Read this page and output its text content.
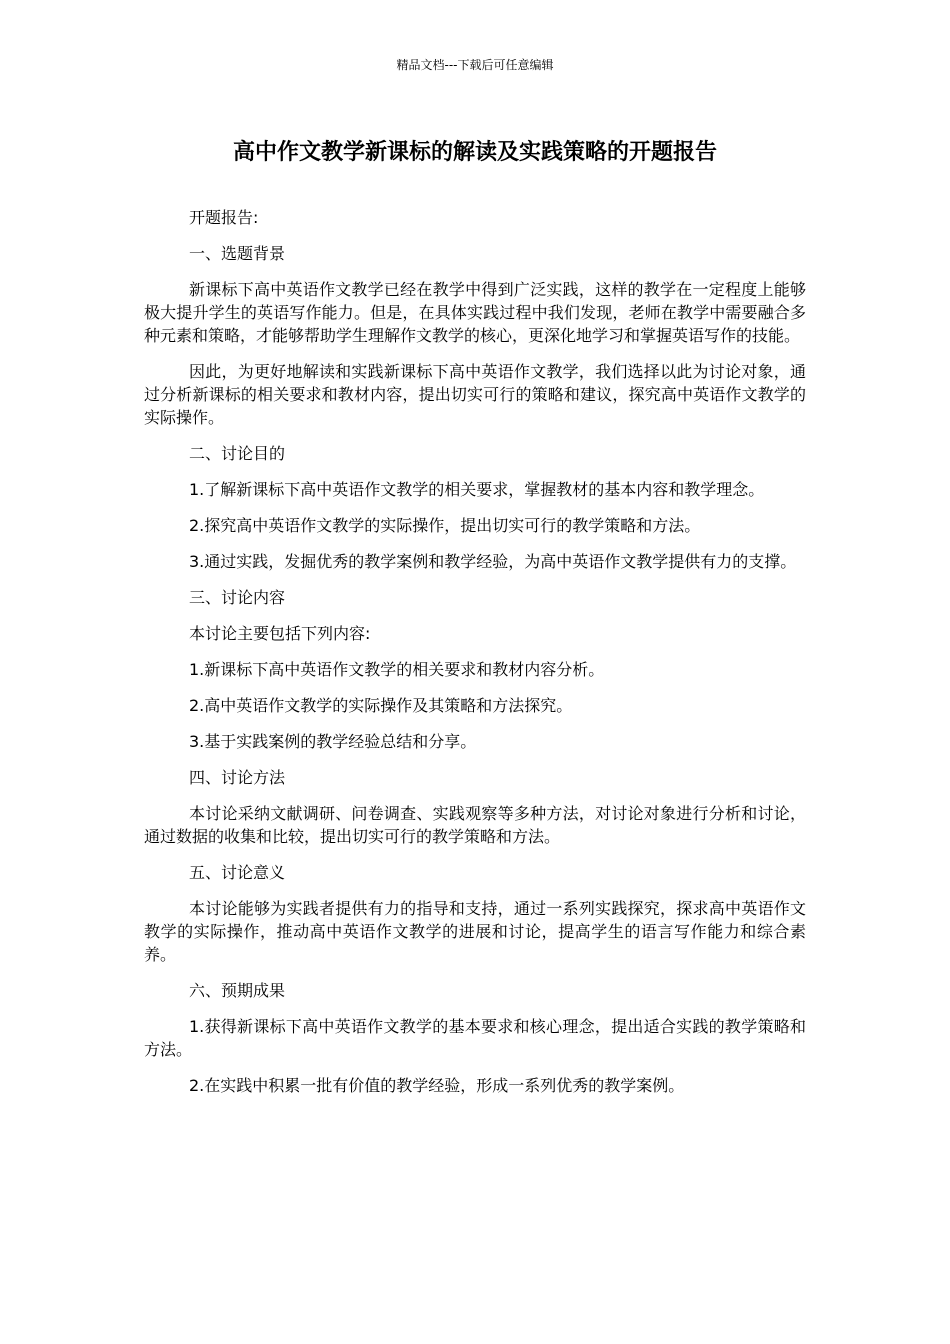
精品文档---下载后可任意编辑
高中作文教学新课标的解读及实践策略的开题报告

开题报告:

一、选题背景

新课标下高中英语作文教学已经在教学中得到广泛实践，这样的教学在一定程度上能够极大提升学生的英语写作能力。但是，在具体实践过程中我们发现，老师在教学中需要融合多种元素和策略，才能够帮助学生理解作文教学的核心，更深化地学习和掌握英语写作的技能。

因此，为更好地解读和实践新课标下高中英语作文教学，我们选择以此为讨论对象，通过分析新课标的相关要求和教材内容，提出切实可行的策略和建议，探究高中英语作文教学的实际操作。

二、讨论目的

1.了解新课标下高中英语作文教学的相关要求，掌握教材的基本内容和教学理念。

2.探究高中英语作文教学的实际操作，提出切实可行的教学策略和方法。

3.通过实践，发掘优秀的教学案例和教学经验，为高中英语作文教学提供有力的支撑。

三、讨论内容

本讨论主要包括下列内容:

1.新课标下高中英语作文教学的相关要求和教材内容分析。

2.高中英语作文教学的实际操作及其策略和方法探究。

3.基于实践案例的教学经验总结和分享。

四、讨论方法

本讨论采纳文献调研、问卷调查、实践观察等多种方法，对讨论对象进行分析和讨论，通过数据的收集和比较，提出切实可行的教学策略和方法。

五、讨论意义

本讨论能够为实践者提供有力的指导和支持，通过一系列实践探究，探求高中英语作文教学的实际操作，推动高中英语作文教学的进展和讨论，提高学生的语言写作能力和综合素养。

六、预期成果

1.获得新课标下高中英语作文教学的基本要求和核心理念，提出适合实践的教学策略和方法。

2.在实践中积累一批有价值的教学经验，形成一系列优秀的教学案例。
